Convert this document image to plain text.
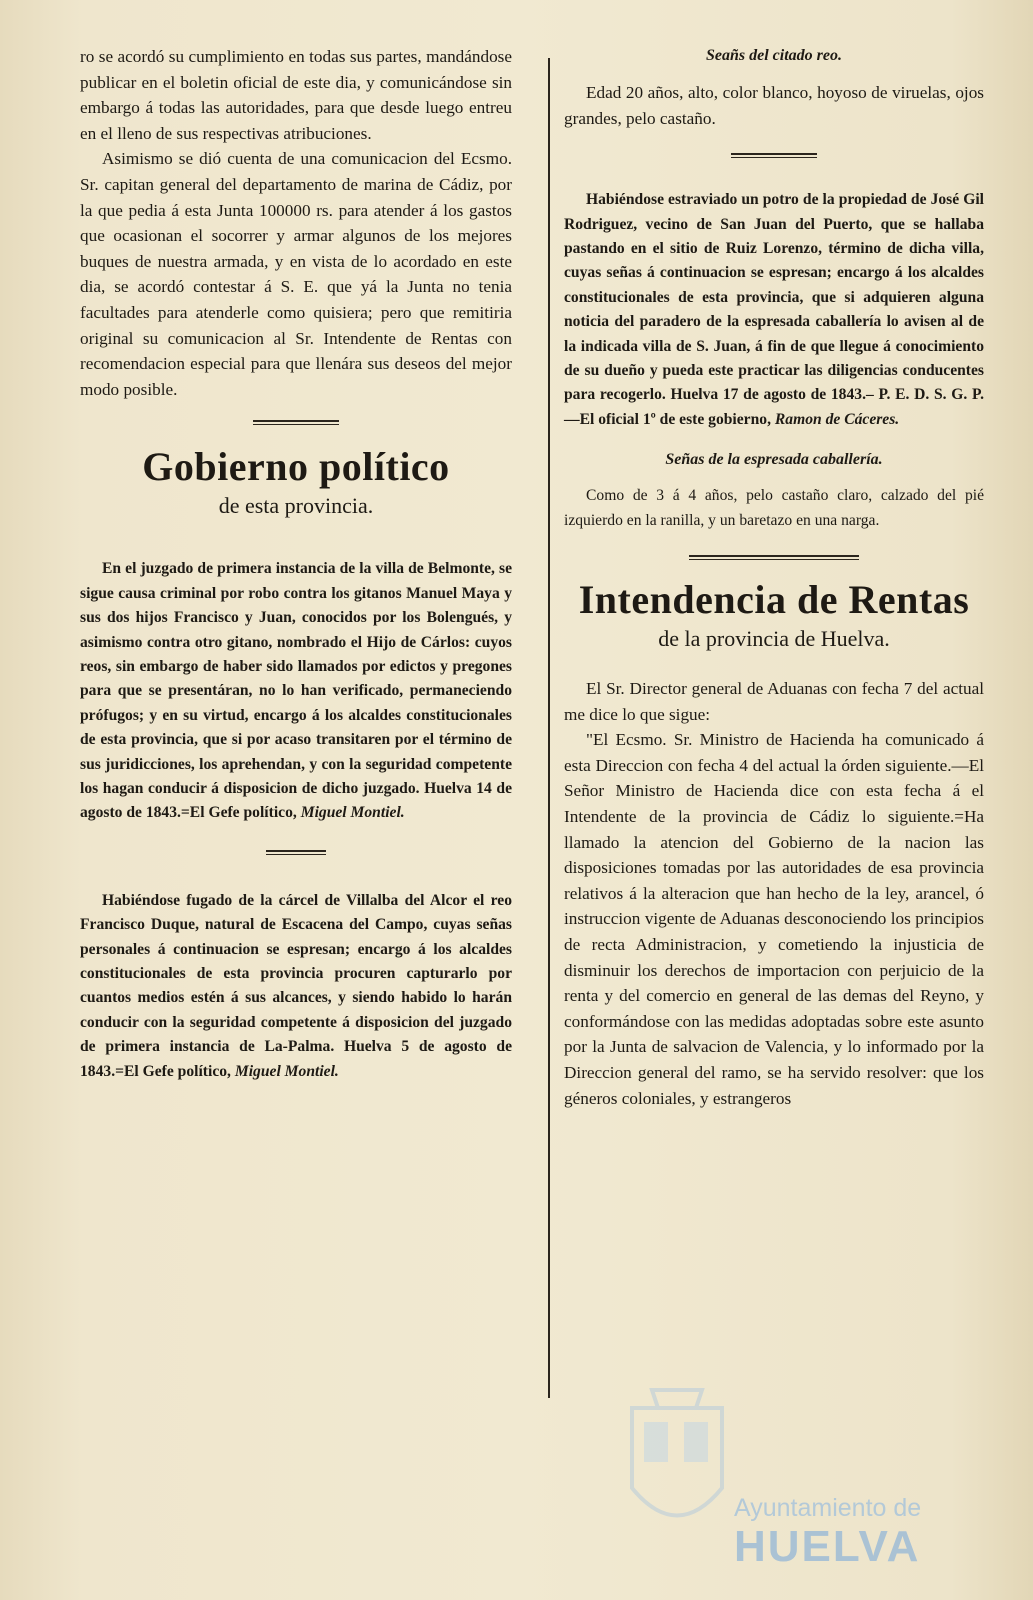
ro se acordó su cumplimiento en todas sus partes, mandándose publicar en el boletin oficial de este dia, y comunicándose sin embargo á todas las autoridades, para que desde luego entreu en el lleno de sus respectivas atribuciones.

Asimismo se dió cuenta de una comunicacion del Ecsmo. Sr. capitan general del departamento de marina de Cádiz, por la que pedia á esta Junta 100000 rs. para atender á los gastos que ocasionan el socorrer y armar algunos de los mejores buques de nuestra armada, y en vista de lo acordado en este dia, se acordó contestar á S. E. que yá la Junta no tenia facultades para atenderle como quisiera; pero que remitiria original su comunicacion al Sr. Intendente de Rentas con recomendacion especial para que llenára sus deseos del mejor modo posible.

Gobierno político
de esta provincia.

En el juzgado de primera instancia de la villa de Belmonte, se sigue causa criminal por robo contra los gitanos Manuel Maya y sus dos hijos Francisco y Juan, conocidos por los Bolengués, y asimismo contra otro gitano, nombrado el Hijo de Cárlos: cuyos reos, sin embargo de haber sido llamados por edictos y pregones para que se presentáran, no lo han verificado, permaneciendo prófugos; y en su virtud, encargo á los alcaldes constitucionales de esta provincia, que si por acaso transitaren por el término de sus juridicciones, los aprehendan, y con la seguridad competente los hagan conducir á disposicion de dicho juzgado. Huelva 14 de agosto de 1843.=El Gefe político, Miguel Montiel.

Habiéndose fugado de la cárcel de Villalba del Alcor el reo Francisco Duque, natural de Escacena del Campo, cuyas señas personales á continuacion se espresan; encargo á los alcaldes constitucionales de esta provincia procuren capturarlo por cuantos medios estén á sus alcances, y siendo habido lo harán conducir con la seguridad competente á disposicion del juzgado de primera instancia de La-Palma. Huelva 5 de agosto de 1843.=El Gefe político, Miguel Montiel.

Seañs del citado reo.

Edad 20 años, alto, color blanco, hoyoso de viruelas, ojos grandes, pelo castaño.

Habiéndose estraviado un potro de la propiedad de José Gil Rodriguez, vecino de San Juan del Puerto, que se hallaba pastando en el sitio de Ruiz Lorenzo, término de dicha villa, cuyas señas á continuacion se espresan; encargo á los alcaldes constitucionales de esta provincia, que si adquieren alguna noticia del paradero de la espresada caballería lo avisen al de la indicada villa de S. Juan, á fin de que llegue á conocimiento de su dueño y pueda este practicar las diligencias conducentes para recogerlo. Huelva 17 de agosto de 1843.– P. E. D. S. G. P.—El oficial 1º de este gobierno, Ramon de Cáceres.

Señas de la espresada caballería.

Como de 3 á 4 años, pelo castaño claro, calzado del pié izquierdo en la ranilla, y un baretazo en una narga.

Intendencia de Rentas
de la provincia de Huelva.

El Sr. Director general de Aduanas con fecha 7 del actual me dice lo que sigue:

"El Ecsmo. Sr. Ministro de Hacienda ha comunicado á esta Direccion con fecha 4 del actual la órden siguiente.—El Señor Ministro de Hacienda dice con esta fecha á el Intendente de la provincia de Cádiz lo siguiente.=Ha llamado la atencion del Gobierno de la nacion las disposiciones tomadas por las autoridades de esa provincia relativos á la alteracion que han hecho de la ley, arancel, ó instruccion vigente de Aduanas desconociendo los principios de recta Administracion, y cometiendo la injusticia de disminuir los derechos de importacion con perjuicio de la renta y del comercio en general de las demas del Reyno, y conformándose con las medidas adoptadas sobre este asunto por la Junta de salvacion de Valencia, y lo informado por la Direccion general del ramo, se ha servido resolver: que los géneros coloniales, y estrangeros

Ayuntamiento de
HUELVA
